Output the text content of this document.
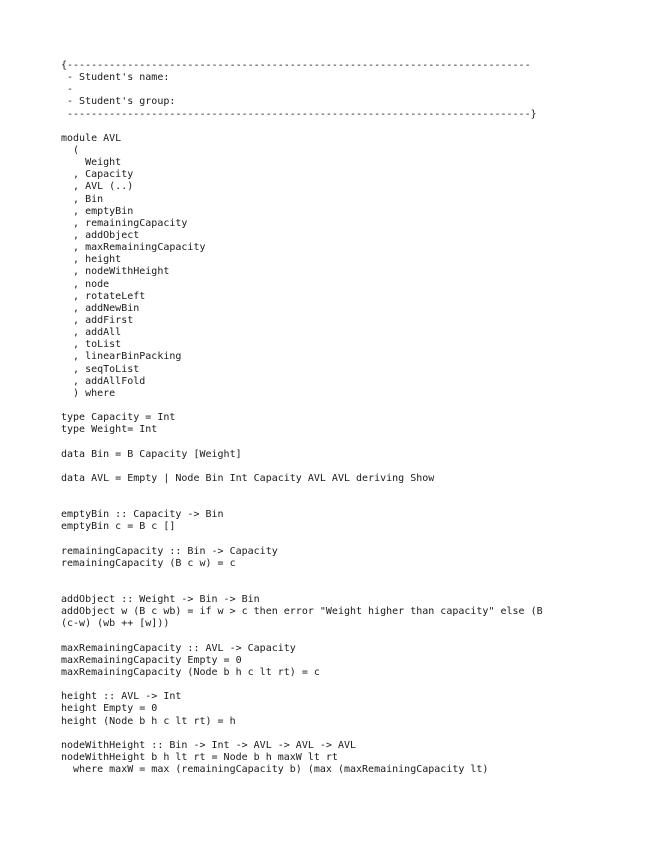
{-----------------------------------------------------------------------------
- Student's name:
-
- Student's group:
-----------------------------------------------------------------------------}
module AVL
(
Weight
, Capacity
, AVL (..)
, Bin
, emptyBin
, remainingCapacity
, addObject
, maxRemainingCapacity
, height
, nodeWithHeight
, node
, rotateLeft
, addNewBin
, addFirst
, addAll
, toList
, linearBinPacking
, seqToList
, addAllFold
) where
type Capacity = Int
type Weight= Int
data Bin = B Capacity [Weight]
data AVL = Empty | Node Bin Int Capacity AVL AVL deriving Show
emptyBin :: Capacity -> Bin
emptyBin c = B c []
remainingCapacity :: Bin -> Capacity
remainingCapacity (B c w) = c
addObject :: Weight -> Bin -> Bin
addObject w (B c wb) = if w > c then error "Weight higher than capacity" else (B
(c-w) (wb ++ [w]))
maxRemainingCapacity :: AVL -> Capacity
maxRemainingCapacity Empty = 0
maxRemainingCapacity (Node b h c lt rt) = c
height :: AVL -> Int
height Empty = 0
height (Node b h c lt rt) = h
nodeWithHeight :: Bin -> Int -> AVL -> AVL -> AVL
nodeWithHeight b h lt rt = Node b h maxW lt rt
where maxW = max (remainingCapacity b) (max (maxRemainingCapacity lt)
